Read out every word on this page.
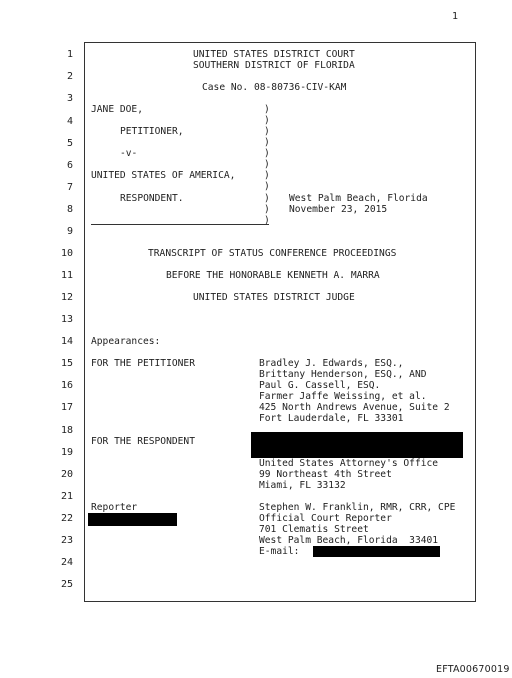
1
1
2
3
4
5
6
7
8
9
10
11
12
13
14
15
16
17
18
19
20
21
22
23
24
25
UNITED STATES DISTRICT COURT
SOUTHERN DISTRICT OF FLORIDA
Case No. 08-80736-CIV-KAM
JANE DOE,
PETITIONER,
-v-
UNITED STATES OF AMERICA,
RESPONDENT.
)
)
)
)
)
)
)
)
)
)
)
West Palm Beach, Florida
November 23, 2015
TRANSCRIPT OF STATUS CONFERENCE PROCEEDINGS
BEFORE THE HONORABLE KENNETH A. MARRA
UNITED STATES DISTRICT JUDGE
Appearances:
FOR THE PETITIONER	Bradley J. Edwards, ESQ.,
Brittany Henderson, ESQ., AND
Paul G. Cassell, ESQ.
Farmer Jaffe Weissing, et al.
425 North Andrews Avenue, Suite 2
Fort Lauderdale, FL 33301
FOR THE RESPONDENT
United States Attorney's Office
99 Northeast 4th Street
Miami, FL 33132
Reporter	Stephen W. Franklin, RMR, CRR, CPE
Official Court Reporter
701 Clematis Street
West Palm Beach, Florida  33401
E-mail:
EFTA00670019
